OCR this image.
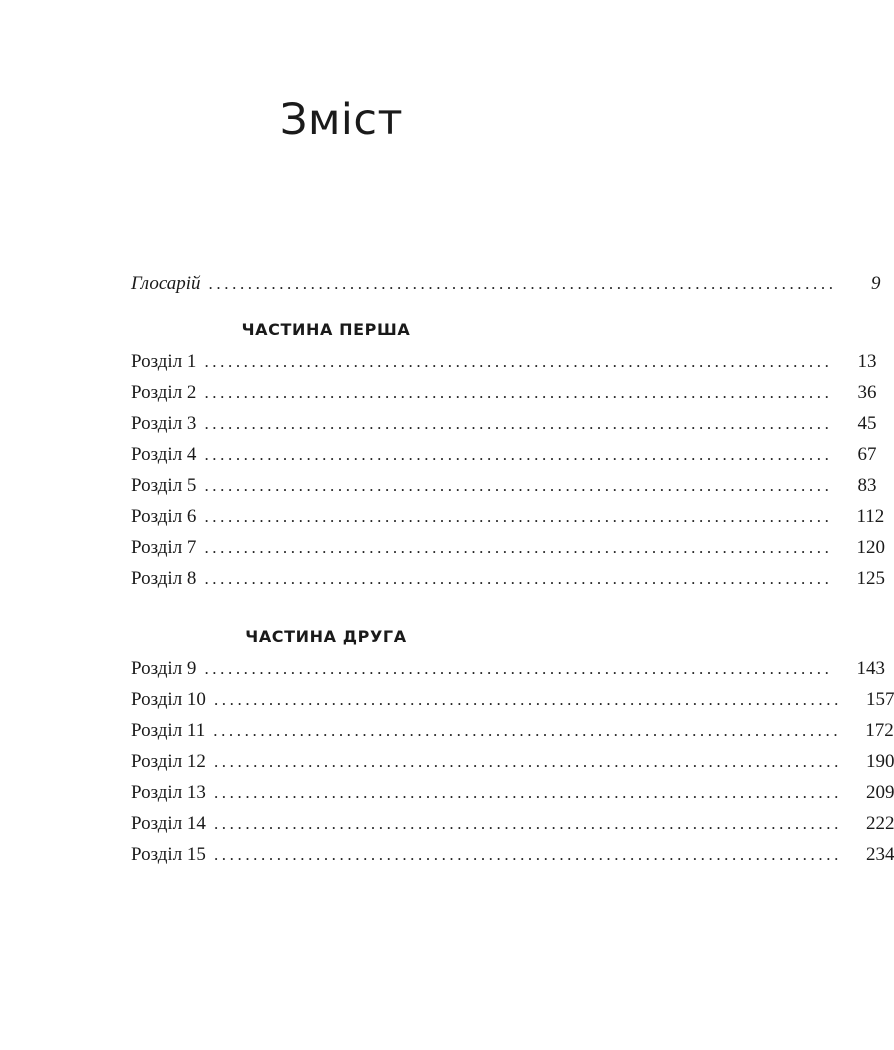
Зміст
Глосарій ................................................................................	9
ЧАСТИНА ПЕРША
Розділ 1 ................................................................................ 13
Розділ 2 ................................................................................ 36
Розділ 3 ................................................................................ 45
Розділ 4 ................................................................................ 67
Розділ 5 ................................................................................ 83
Розділ 6 ................................................................................ 112
Розділ 7 ................................................................................ 120
Розділ 8 ................................................................................ 125
ЧАСТИНА ДРУГА
Розділ 9 ................................................................................ 143
Розділ 10 ................................................................................ 157
Розділ 11 ................................................................................ 172
Розділ 12 ................................................................................ 190
Розділ 13 ................................................................................ 209
Розділ 14 ................................................................................ 222
Розділ 15 ................................................................................ 234
